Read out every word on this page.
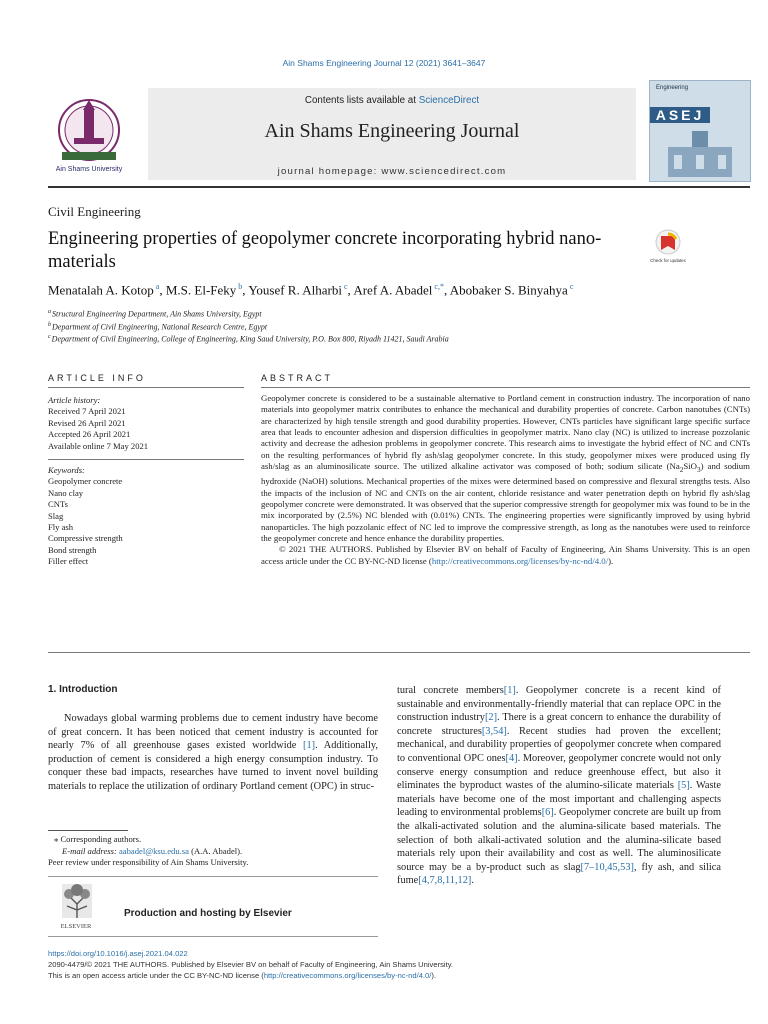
Ain Shams Engineering Journal 12 (2021) 3641–3647
Ain Shams University
Contents lists available at ScienceDirect
Ain Shams Engineering Journal
journal homepage: www.sciencedirect.com
Engineering
ASEJ
Civil Engineering
Engineering properties of geopolymer concrete incorporating hybrid nano-materials	Check for updates
Menatalah A. Kotop $^a$, M.S. El-Feky $^b$, Yousef R. Alharbi $^c$, Aref A. Abadel $^{c,*}$, Abobaker S. Binyahya $^c$
$^a$Structural Engineering Department, Ain Shams University, Egypt
$^b$Department of Civil Engineering, National Research Centre, Egypt
$^c$Department of Civil Engineering, College of Engineering, King Saud University, P.O. Box 800, Riyadh 11421, Saudi Arabia
ARTICLE INFO
Article history:
Received 7 April 2021
Revised 26 April 2021
Accepted 26 April 2021
Available online 7 May 2021
Keywords:
Geopolymer concrete
Nano clay
CNTs
Slag
Fly ash
Compressive strength
Bond strength
Filler effect
ABSTRACT

Geopolymer concrete is considered to be a sustainable alternative to Portland cement in construction industry. The incorporation of nano materials into geopolymer matrix contributes to enhance the mechanical and durability properties of concrete. Carbon nanotubes (CNTs) are characterized by high tensile strength and good durability properties. However, CNTs particles have significant large specific surface area that leads to encounter adhesion and dispersion difficulties in geopolymer matrix. Nano clay (NC) is utilized to increase pozzolanic activity and decrease the adhesion problems in geopolymer concrete. This research aims to investigate the hybrid effect of NC and CNTs on the resulting performances of hybrid fly ash/slag geopolymer concrete. In this study, geopolymer mixes were produced using fly ash/slag as an aluminosilicate source. The utilized alkaline activator was composed of both; sodium silicate $(Na_2SiO_3)$ and sodium hydroxide (NaOH) solutions. Mechanical properties of the mixes were determined based on compressive and flexural strengths tests. Also the impacts of the inclusion of NC and CNTs on the air content, chloride resistance and water penetration depth on hybrid fly ash/slag geopolymer concrete were demonstrated. It was observed that the superior compressive strength for geopolymer mix was found to be in the mix incorporated by (2.5%) NC blended with (0.01%) CNTs. The engineering properties were significantly improved by using hybrid nanoparticles. The high pozzolanic effect of NC led to improve the compressive strength, as long as the nanotubes were used to reinforce the geopolymer concrete and hence enhance the durability properties.

© 2021 THE AUTHORS. Published by Elsevier BV on behalf of Faculty of Engineering, Ain Shams University. This is an open access article under the CC BY-NC-ND license (http://creativecommons.org/licenses/by-nc-nd/4.0/).

1. Introduction

Nowadays global warming problems due to cement industry have become of great concern. It has been noticed that cement industry is accounted for nearly 7% of all greenhouse gases existed worldwide [1]. Additionally, production of cement is considered a high energy consumption industry. To conquer these bad impacts, researches have turned to invent novel building materials to replace the utilization of ordinary Portland cement (OPC) in struc-

tural concrete members[1]. Geopolymer concrete is a recent kind of sustainable and environmentally-friendly material that can replace OPC in the construction industry[2]. There is a great concern to enhance the durability of concrete structures[3,54]. Recent studies had proven the excellent; mechanical, and durability properties of geopolymer concrete when compared to conventional OPC ones[4]. Moreover, geopolymer concrete would not only conserve energy consumption and reduce greenhouse effect, but also it eliminates the byproduct wastes of the alumino-silicate materials [5]. Waste materials have become one of the most important and challenging aspects leading to environmental problems[6]. Geopolymer concrete are built up from the alkali-activated solution and the alumina-silicate based materials. The selection of both alkali-activated solution and the alumina-silicate based materials rely upon their availability and cost as well. The aluminosilicate source may be a by-product such as slag[7–10,45,53], fly ash, and silica fume[4,7,8,11,12].

⁎ Corresponding authors.
E-mail address: aabadel@ksu.edu.sa (A.A. Abadel).
Peer review under responsibility of Ain Shams University.
ELSEVIER
Production and hosting by Elsevier
https://doi.org/10.1016/j.asej.2021.04.022
2090-4479/© 2021 THE AUTHORS. Published by Elsevier BV on behalf of Faculty of Engineering, Ain Shams University.
This is an open access article under the CC BY-NC-ND license (http://creativecommons.org/licenses/by-nc-nd/4.0/).
